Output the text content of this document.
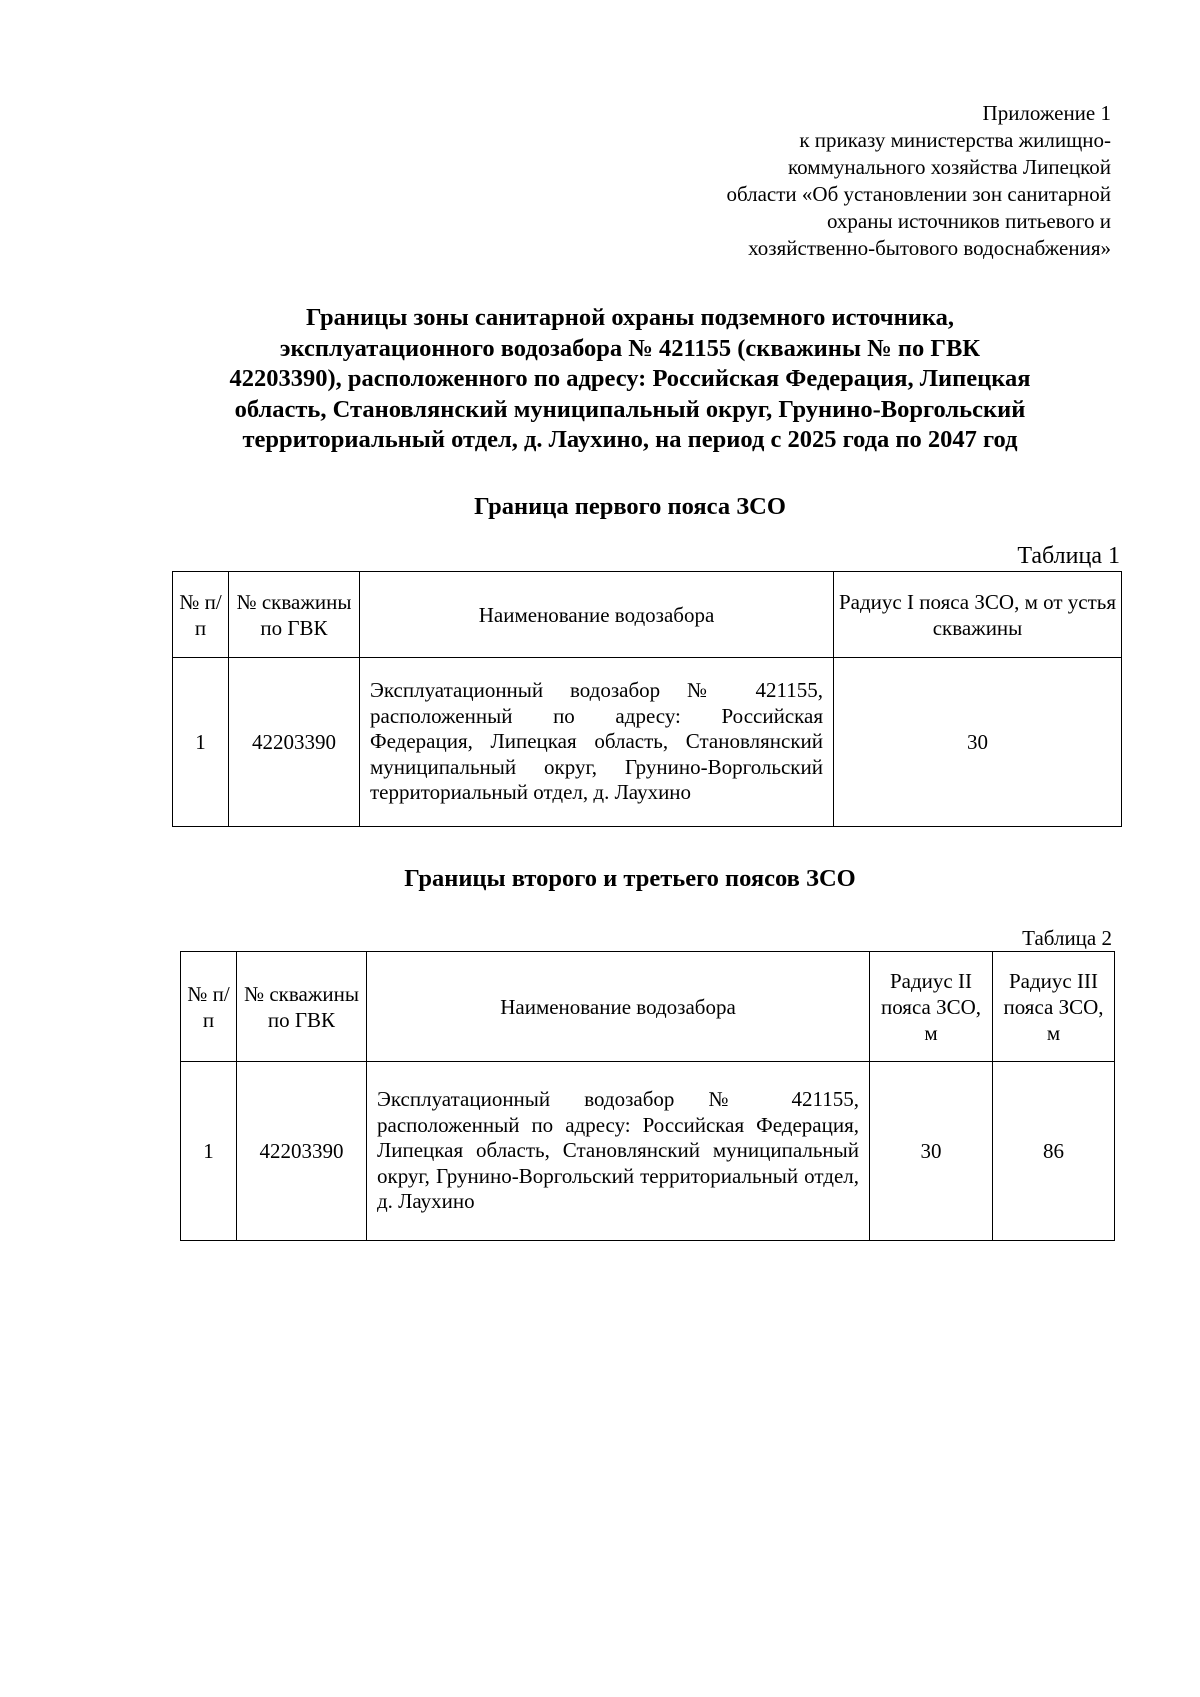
Приложение 1
к приказу министерства жилищно-
коммунального хозяйства Липецкой
области «Об установлении зон санитарной
охраны источников питьевого и
хозяйственно-бытового водоснабжения»
Границы зоны санитарной охраны подземного источника,
эксплуатационного водозабора № 421155 (скважины № по ГВК
42203390), расположенного по адресу: Российская Федерация, Липецкая
область, Становлянский муниципальный округ, Грунино-Воргольский
территориальный отдел, д. Лаухино, на период с 2025 года по 2047 год
Граница первого пояса ЗСО
Таблица 1
№ п/п	№ скважины по ГВК	Наименование водозабора	Радиус I пояса ЗСО, м от устья скважины
1	42203390	Эксплуатационный водозабор № 421155, расположенный по адресу: Российская Федерация, Липецкая область, Становлянский муниципальный округ, Грунино-Воргольский территориальный отдел, д. Лаухино	30
Границы второго и третьего поясов ЗСО
Таблица 2
№ п/п	№ скважины по ГВК	Наименование водозабора	Радиус II пояса ЗСО, м	Радиус III пояса ЗСО, м
1	42203390	Эксплуатационный водозабор № 421155, расположенный по адресу: Российская Федерация, Липецкая область, Становлянский муниципальный округ, Грунино-Воргольский территориальный отдел, д. Лаухино	30	86
